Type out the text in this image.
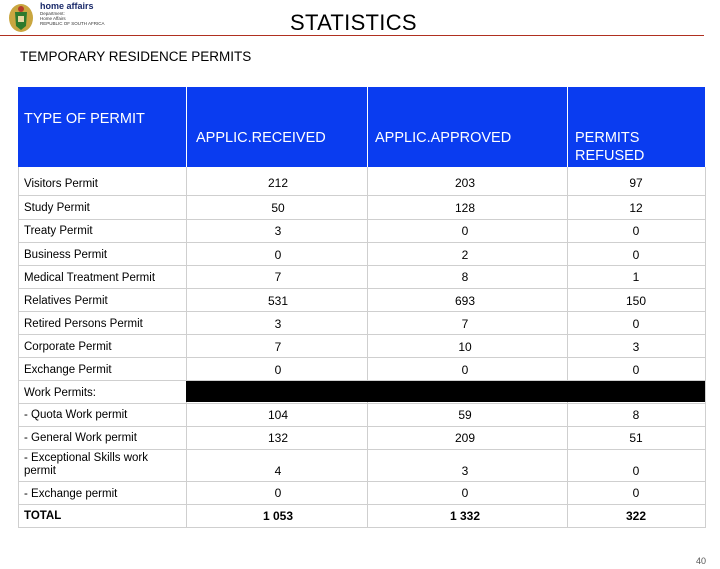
home affairs
Department:
Home Affairs
REPUBLIC OF SOUTH AFRICA	STATISTICS
TEMPORARY RESIDENCE PERMITS
TYPE OF PERMIT
APPLIC.RECEIVED	APPLIC.APPROVED	PERMITS
REFUSED
Visitors Permit	212	203	97
Study Permit	50	128	12
Treaty Permit	3	0	0
Business Permit	0	2	0
Medical Treatment Permit	7	8	1
Relatives Permit	531	693	150
Retired Persons Permit	3	7	0
Corporate Permit	7	10	3
Exchange Permit	0	0	0
Work Permits:
- Quota Work permit	104	59	8
- General Work permit	132	209	51
- Exceptional Skills work
permit	4	3	0
- Exchange permit	0	0	0
TOTAL	1 053	1 332	322
40
